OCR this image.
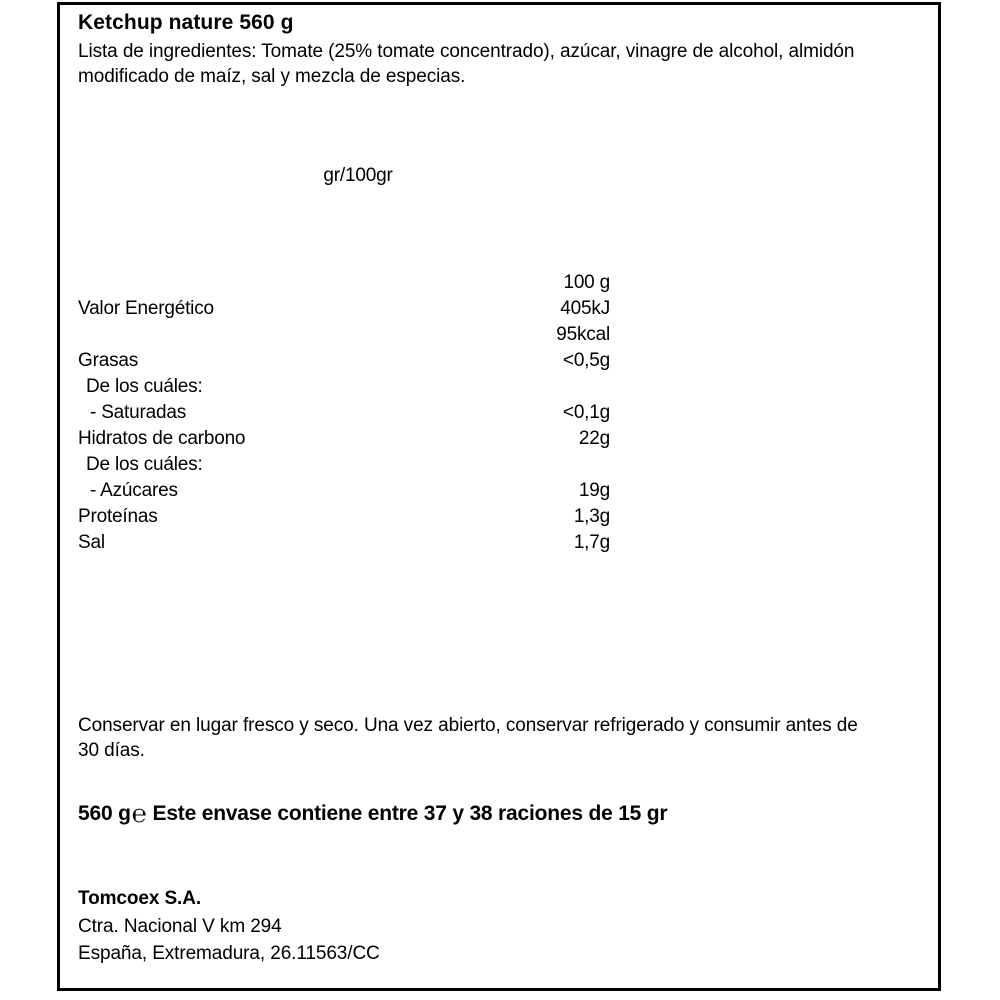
Ketchup nature 560 g
Lista de ingredientes: Tomate (25% tomate concentrado), azúcar, vinagre de alcohol, almidón modificado de maíz, sal y mezcla de especias.
gr/100gr
	100 g
Valor Energético	405kJ
	95kcal
Grasas	<0,5g
De los cuáles:	
- Saturadas	<0,1g
Hidratos de carbono	22g
De los cuáles:	
- Azúcares	19g
Proteínas	1,3g
Sal	1,7g
Conservar en lugar fresco y seco. Una vez abierto, conservar refrigerado y consumir antes de 30 días.
560 g℮ Este envase contiene entre 37 y 38 raciones de 15 gr
Tomcoex S.A.
Ctra. Nacional V km 294
España, Extremadura, 26.11563/CC
